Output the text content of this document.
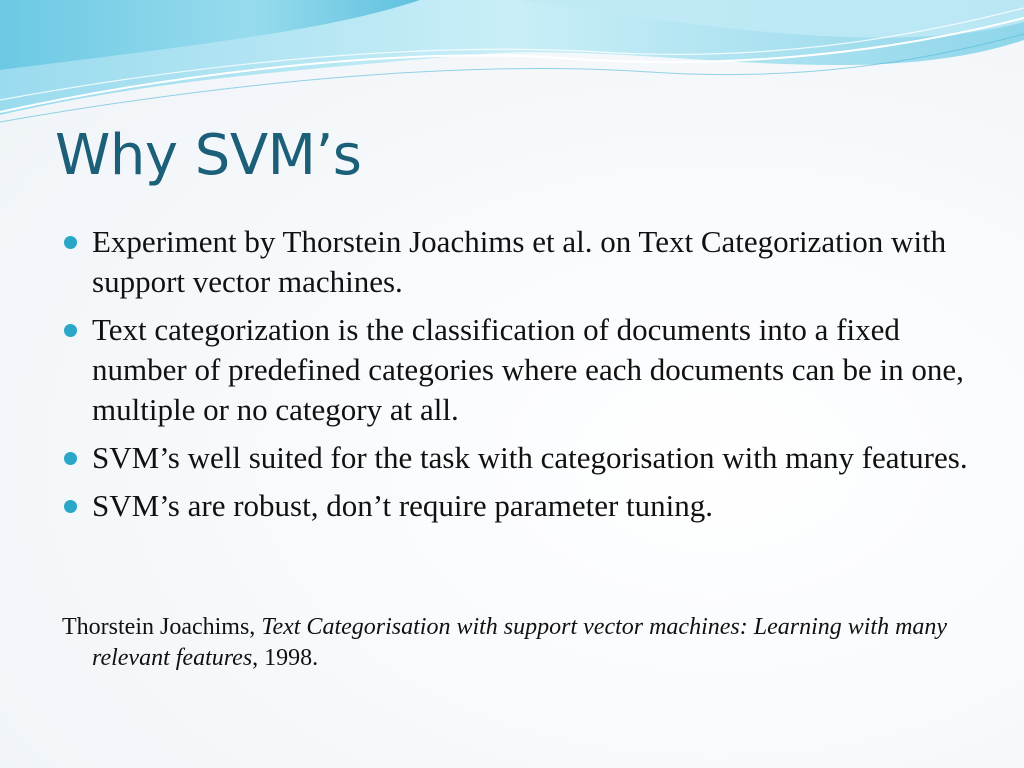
Why SVM’s
Experiment by Thorstein Joachims et al. on Text Categorization with support vector machines.
Text categorization is the classification of documents into a fixed number of predefined categories where each documents can be in one, multiple or no category at all.
SVM’s well suited for the task with categorisation with many features.
SVM’s are robust, don’t require parameter tuning.

Thorstein Joachims, Text Categorisation with support vector machines: Learning with many relevant features, 1998.
